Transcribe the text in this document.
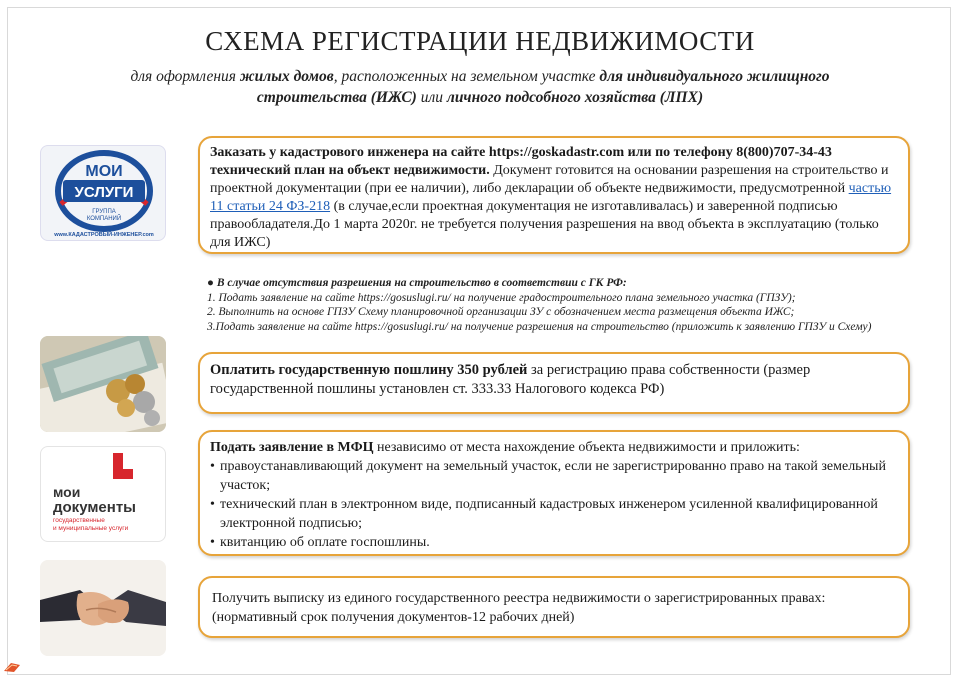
СХЕМА РЕГИСТРАЦИИ НЕДВИЖИМОСТИ
для оформления жилых домов, расположенных на земельном участке для индивидуального жилищного строительства (ИЖС) или личного подсобного хозяйства (ЛПХ)
МОИ
УСЛУГИ
ГРУППА
КОМПАНИЙ
www.КАДАСТРОВЫЙ-ИНЖЕНЕР.com
Заказать у кадастрового инженера на сайте https://goskadastr.com или по телефону 8(800)707-34-43 технический план на объект недвижимости. Документ готовится на основании разрешения на строительство и проектной документации (при ее наличии), либо декларации об объекте недвижимости, предусмотренной частью 11 статьи 24 ФЗ-218 (в случае,если проектная документация не изготавливалась) и заверенной подписью правообладателя.До 1 марта 2020г. не требуется получения разрешения на ввод объекта в эксплуатацию (только для ИЖС)
● В случае отсутствия разрешения на строительство в соответствии с ГК РФ:
1. Подать заявление на сайте https://gosuslugi.ru/ на получение градостроительного плана земельного участка (ГПЗУ);
2. Выполнить на основе ГПЗУ Схему планировочной организации ЗУ с обозначением места размещения объекта ИЖС;
3.Подать заявление на сайте https://gosuslugi.ru/ на получение разрешения на строительство (приложить к заявлению ГПЗУ и Схему)
Оплатить государственную пошлину 350 рублей за регистрацию права собственности (размер государственной пошлины установлен ст. 333.33 Налогового кодекса РФ)
мои
документы
государственные
и муниципальные услуги
Подать заявление в МФЦ независимо от места нахождение объекта недвижимости и приложить:
• правоустанавливающий документ на земельный участок, если не зарегистрированно право на такой земельный участок;
• технический план в электронном виде, подписанный кадастровых инженером усиленной квалифицированной электронной подписью;
• квитанцию об оплате госпошлины.
Получить выписку из единого государственного реестра недвижимости о зарегистрированных правах: (нормативный срок получения документов-12 рабочих дней)
